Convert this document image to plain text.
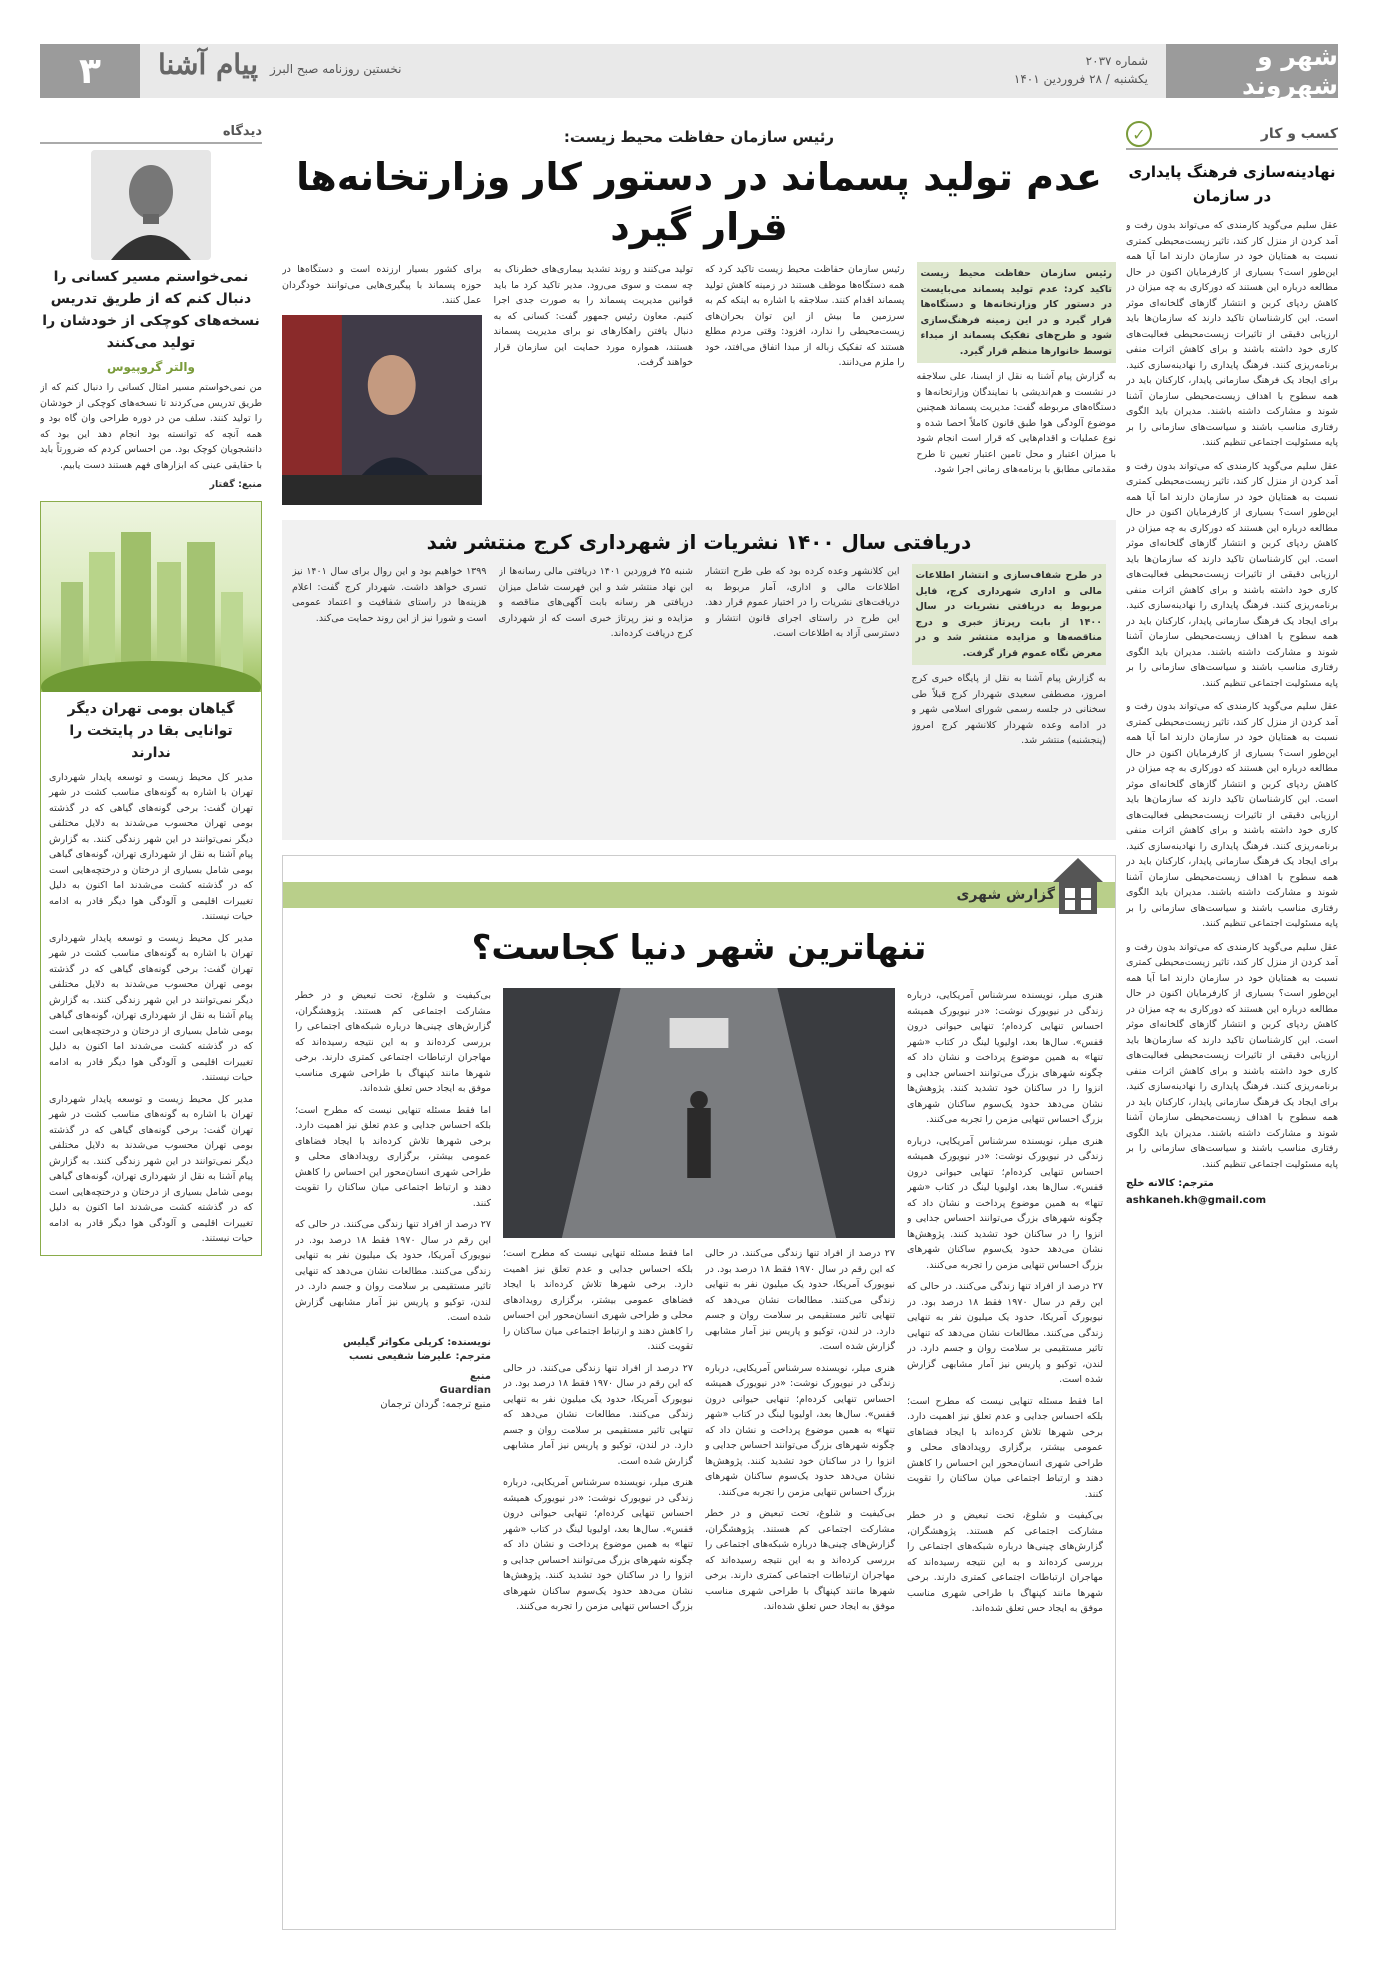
شهر و شهروند
شماره ۲۰۳۷
یکشنبه / ۲۸ فروردین ۱۴۰۱
نخستین روزنامه صبح البرز
پیام آشنا
۳
کسب و کار
✓
نهادینه‌سازی فرهنگ پایداری در سازمان
عقل سلیم می‌گوید کارمندی که می‌تواند بدون رفت و آمد کردن از منزل کار کند، تاثیر زیست‌محیطی کمتری نسبت به همتایان خود در سازمان دارند اما آیا همه این‌طور است؟ بسیاری از کارفرمایان اکنون در حال مطالعه درباره این هستند که دورکاری به چه میزان در کاهش ردپای کربن و انتشار گازهای گلخانه‌ای موثر است. این کارشناسان تاکید دارند که سازمان‌ها باید ارزیابی دقیقی از تاثیرات زیست‌محیطی فعالیت‌های کاری خود داشته باشند و برای کاهش اثرات منفی برنامه‌ریزی کنند. فرهنگ پایداری را نهادینه‌سازی کنید. برای ایجاد یک فرهنگ سازمانی پایدار، کارکنان باید در همه سطوح با اهداف زیست‌محیطی سازمان آشنا شوند و مشارکت داشته باشند. مدیران باید الگوی رفتاری مناسب باشند و سیاست‌های سازمانی را بر پایه مسئولیت اجتماعی تنظیم کنند.
عقل سلیم می‌گوید کارمندی که می‌تواند بدون رفت و آمد کردن از منزل کار کند، تاثیر زیست‌محیطی کمتری نسبت به همتایان خود در سازمان دارند اما آیا همه این‌طور است؟ بسیاری از کارفرمایان اکنون در حال مطالعه درباره این هستند که دورکاری به چه میزان در کاهش ردپای کربن و انتشار گازهای گلخانه‌ای موثر است. این کارشناسان تاکید دارند که سازمان‌ها باید ارزیابی دقیقی از تاثیرات زیست‌محیطی فعالیت‌های کاری خود داشته باشند و برای کاهش اثرات منفی برنامه‌ریزی کنند. فرهنگ پایداری را نهادینه‌سازی کنید. برای ایجاد یک فرهنگ سازمانی پایدار، کارکنان باید در همه سطوح با اهداف زیست‌محیطی سازمان آشنا شوند و مشارکت داشته باشند. مدیران باید الگوی رفتاری مناسب باشند و سیاست‌های سازمانی را بر پایه مسئولیت اجتماعی تنظیم کنند.
عقل سلیم می‌گوید کارمندی که می‌تواند بدون رفت و آمد کردن از منزل کار کند، تاثیر زیست‌محیطی کمتری نسبت به همتایان خود در سازمان دارند اما آیا همه این‌طور است؟ بسیاری از کارفرمایان اکنون در حال مطالعه درباره این هستند که دورکاری به چه میزان در کاهش ردپای کربن و انتشار گازهای گلخانه‌ای موثر است. این کارشناسان تاکید دارند که سازمان‌ها باید ارزیابی دقیقی از تاثیرات زیست‌محیطی فعالیت‌های کاری خود داشته باشند و برای کاهش اثرات منفی برنامه‌ریزی کنند. فرهنگ پایداری را نهادینه‌سازی کنید. برای ایجاد یک فرهنگ سازمانی پایدار، کارکنان باید در همه سطوح با اهداف زیست‌محیطی سازمان آشنا شوند و مشارکت داشته باشند. مدیران باید الگوی رفتاری مناسب باشند و سیاست‌های سازمانی را بر پایه مسئولیت اجتماعی تنظیم کنند.
عقل سلیم می‌گوید کارمندی که می‌تواند بدون رفت و آمد کردن از منزل کار کند، تاثیر زیست‌محیطی کمتری نسبت به همتایان خود در سازمان دارند اما آیا همه این‌طور است؟ بسیاری از کارفرمایان اکنون در حال مطالعه درباره این هستند که دورکاری به چه میزان در کاهش ردپای کربن و انتشار گازهای گلخانه‌ای موثر است. این کارشناسان تاکید دارند که سازمان‌ها باید ارزیابی دقیقی از تاثیرات زیست‌محیطی فعالیت‌های کاری خود داشته باشند و برای کاهش اثرات منفی برنامه‌ریزی کنند. فرهنگ پایداری را نهادینه‌سازی کنید. برای ایجاد یک فرهنگ سازمانی پایدار، کارکنان باید در همه سطوح با اهداف زیست‌محیطی سازمان آشنا شوند و مشارکت داشته باشند. مدیران باید الگوی رفتاری مناسب باشند و سیاست‌های سازمانی را بر پایه مسئولیت اجتماعی تنظیم کنند.
مترجم: کالانه خلج
ashkaneh.kh@gmail.com
دیدگاه
نمی‌خواستم مسیر کسانی را دنبال کنم که از طریق تدریس نسخه‌های کوچکی از خودشان را تولید می‌کنند
والتر گروپیوس
من نمی‌خواستم مسیر امثال کسانی را دنبال کنم که از طریق تدریس می‌کردند تا نسخه‌های کوچکی از خودشان را تولید کنند. سلف من در دوره طراحی وان گاه بود و همه آنچه که توانسته بود انجام دهد این بود که دانشجویان کوچک بود. من احساس کردم که ضرورتاً باید با حقایقی عینی که ابزارهای فهم هستند دست یابیم.
منبع: گفتار
گیاهان بومی تهران دیگر توانایی بقا در پایتخت را ندارند
مدیر کل محیط زیست و توسعه پایدار شهرداری تهران با اشاره به گونه‌های مناسب کشت در شهر تهران گفت: برخی گونه‌های گیاهی که در گذشته بومی تهران محسوب می‌شدند به دلایل مختلفی دیگر نمی‌توانند در این شهر زندگی کنند. به گزارش پیام آشنا به نقل از شهرداری تهران، گونه‌های گیاهی بومی شامل بسیاری از درختان و درختچه‌هایی است که در گذشته کشت می‌شدند اما اکنون به دلیل تغییرات اقلیمی و آلودگی هوا دیگر قادر به ادامه حیات نیستند.
مدیر کل محیط زیست و توسعه پایدار شهرداری تهران با اشاره به گونه‌های مناسب کشت در شهر تهران گفت: برخی گونه‌های گیاهی که در گذشته بومی تهران محسوب می‌شدند به دلایل مختلفی دیگر نمی‌توانند در این شهر زندگی کنند. به گزارش پیام آشنا به نقل از شهرداری تهران، گونه‌های گیاهی بومی شامل بسیاری از درختان و درختچه‌هایی است که در گذشته کشت می‌شدند اما اکنون به دلیل تغییرات اقلیمی و آلودگی هوا دیگر قادر به ادامه حیات نیستند.
مدیر کل محیط زیست و توسعه پایدار شهرداری تهران با اشاره به گونه‌های مناسب کشت در شهر تهران گفت: برخی گونه‌های گیاهی که در گذشته بومی تهران محسوب می‌شدند به دلایل مختلفی دیگر نمی‌توانند در این شهر زندگی کنند. به گزارش پیام آشنا به نقل از شهرداری تهران، گونه‌های گیاهی بومی شامل بسیاری از درختان و درختچه‌هایی است که در گذشته کشت می‌شدند اما اکنون به دلیل تغییرات اقلیمی و آلودگی هوا دیگر قادر به ادامه حیات نیستند.
رئیس سازمان حفاظت محیط زیست:
عدم تولید پسماند در دستور کار وزارتخانه‌ها قرار گیرد
رئیس سازمان حفاظت محیط زیست تاکید کرد: عدم تولید پسماند می‌بایست در دستور کار وزارتخانه‌ها و دستگاه‌ها قرار گیرد و در این زمینه فرهنگ‌سازی شود و طرح‌های تفکیک پسماند از مبداء توسط خانوارها منظم قرار گیرد.
به گزارش پیام آشنا به نقل از ایسنا، علی سلاجقه در نشست و هم‌اندیشی با نمایندگان وزارتخانه‌ها و دستگاه‌های مربوطه گفت: مدیریت پسماند همچنین موضوع آلودگی هوا طبق قانون کاملاً احصا شده و نوع عملیات و اقدام‌هایی که قرار است انجام شود با میزان اعتبار و محل تامین اعتبار تعیین تا طرح مقدماتی مطابق با برنامه‌های زمانی اجرا شود.
رئیس سازمان حفاظت محیط زیست تاکید کرد که همه دستگاه‌ها موظف هستند در زمینه کاهش تولید پسماند اقدام کنند. سلاجقه با اشاره به اینکه کم به سرزمین ما بیش از این توان بحران‌های زیست‌محیطی را ندارد، افزود: وقتی مردم مطلع هستند که تفکیک زباله از مبدا اتفاق می‌افتد، خود را ملزم می‌دانند.
تولید می‌کنند و روند تشدید بیماری‌های خطرناک به چه سمت و سوی می‌رود. مدیر تاکید کرد ما باید قوانین مدیریت پسماند را به صورت جدی اجرا کنیم. معاون رئیس جمهور گفت: کسانی که به دنبال یافتن راهکارهای نو برای مدیریت پسماند هستند، همواره مورد حمایت این سازمان قرار خواهند گرفت.
برای کشور بسیار ارزنده است و دستگاه‌ها در حوزه پسماند با پیگیری‌هایی می‌توانند خودگردان عمل کنند.
دریافتی سال ۱۴۰۰ نشریات از شهرداری کرج منتشر شد
در طرح شفاف‌سازی و انتشار اطلاعات مالی و اداری شهرداری کرج، فایل مربوط به دریافتی نشریات در سال ۱۴۰۰ از بابت رپرتاژ خبری و درج مناقصه‌ها و مزایده منتشر شد و در معرض نگاه عموم قرار گرفت.
به گزارش پیام آشنا به نقل از پایگاه خبری کرج امروز، مصطفی سعیدی شهردار کرج قبلاً طی سخنانی در جلسه رسمی شورای اسلامی شهر و در ادامه وعده شهردار کلانشهر کرج امروز (پنجشنبه) منتشر شد.
این کلانشهر وعده کرده بود که طی طرح انتشار اطلاعات مالی و اداری، آمار مربوط به دریافت‌های نشریات را در اختیار عموم قرار دهد. این طرح در راستای اجرای قانون انتشار و دسترسی آزاد به اطلاعات است.
شنبه ۲۵ فروردین ۱۴۰۱ دریافتی مالی رسانه‌ها از این نهاد منتشر شد و این فهرست شامل میزان دریافتی هر رسانه بابت آگهی‌های مناقصه و مزایده و نیز رپرتاژ خبری است که از شهرداری کرج دریافت کرده‌اند.
۱۳۹۹ خواهیم بود و این روال برای سال ۱۴۰۱ نیز تسری خواهد داشت. شهردار کرج گفت: اعلام هزینه‌ها در راستای شفافیت و اعتماد عمومی است و شورا نیز از این روند حمایت می‌کند.
گزارش شهری
تنهاترین شهر دنیا کجاست؟
هنری میلر، نویسنده سرشناس آمریکایی، درباره زندگی در نیویورک نوشت: «در نیویورک همیشه احساس تنهایی کرده‌ام؛ تنهایی حیوانی درون قفس». سال‌ها بعد، اولیویا لینگ در کتاب «شهر تنها» به همین موضوع پرداخت و نشان داد که چگونه شهرهای بزرگ می‌توانند احساس جدایی و انزوا را در ساکنان خود تشدید کنند. پژوهش‌ها نشان می‌دهد حدود یک‌سوم ساکنان شهرهای بزرگ احساس تنهایی مزمن را تجربه می‌کنند.
هنری میلر، نویسنده سرشناس آمریکایی، درباره زندگی در نیویورک نوشت: «در نیویورک همیشه احساس تنهایی کرده‌ام؛ تنهایی حیوانی درون قفس». سال‌ها بعد، اولیویا لینگ در کتاب «شهر تنها» به همین موضوع پرداخت و نشان داد که چگونه شهرهای بزرگ می‌توانند احساس جدایی و انزوا را در ساکنان خود تشدید کنند. پژوهش‌ها نشان می‌دهد حدود یک‌سوم ساکنان شهرهای بزرگ احساس تنهایی مزمن را تجربه می‌کنند.
۲۷ درصد از افراد تنها زندگی می‌کنند. در حالی که این رقم در سال ۱۹۷۰ فقط ۱۸ درصد بود. در نیویورک آمریکا، حدود یک میلیون نفر به تنهایی زندگی می‌کنند. مطالعات نشان می‌دهد که تنهایی تاثیر مستقیمی بر سلامت روان و جسم دارد. در لندن، توکیو و پاریس نیز آمار مشابهی گزارش شده است.
اما فقط مسئله تنهایی نیست که مطرح است؛ بلکه احساس جدایی و عدم تعلق نیز اهمیت دارد. برخی شهرها تلاش کرده‌اند با ایجاد فضاهای عمومی بیشتر، برگزاری رویدادهای محلی و طراحی شهری انسان‌محور این احساس را کاهش دهند و ارتباط اجتماعی میان ساکنان را تقویت کنند.
بی‌کیفیت و شلوغ، تحت تبعیض و در خطر مشارکت اجتماعی کم هستند. پژوهشگران، گزارش‌های چینی‌ها درباره شبکه‌های اجتماعی را بررسی کرده‌اند و به این نتیجه رسیده‌اند که مهاجران ارتباطات اجتماعی کمتری دارند. برخی شهرها مانند کپنهاگ با طراحی شهری مناسب موفق به ایجاد حس تعلق شده‌اند.
۲۷ درصد از افراد تنها زندگی می‌کنند. در حالی که این رقم در سال ۱۹۷۰ فقط ۱۸ درصد بود. در نیویورک آمریکا، حدود یک میلیون نفر به تنهایی زندگی می‌کنند. مطالعات نشان می‌دهد که تنهایی تاثیر مستقیمی بر سلامت روان و جسم دارد. در لندن، توکیو و پاریس نیز آمار مشابهی گزارش شده است.
هنری میلر، نویسنده سرشناس آمریکایی، درباره زندگی در نیویورک نوشت: «در نیویورک همیشه احساس تنهایی کرده‌ام؛ تنهایی حیوانی درون قفس». سال‌ها بعد، اولیویا لینگ در کتاب «شهر تنها» به همین موضوع پرداخت و نشان داد که چگونه شهرهای بزرگ می‌توانند احساس جدایی و انزوا را در ساکنان خود تشدید کنند. پژوهش‌ها نشان می‌دهد حدود یک‌سوم ساکنان شهرهای بزرگ احساس تنهایی مزمن را تجربه می‌کنند.
بی‌کیفیت و شلوغ، تحت تبعیض و در خطر مشارکت اجتماعی کم هستند. پژوهشگران، گزارش‌های چینی‌ها درباره شبکه‌های اجتماعی را بررسی کرده‌اند و به این نتیجه رسیده‌اند که مهاجران ارتباطات اجتماعی کمتری دارند. برخی شهرها مانند کپنهاگ با طراحی شهری مناسب موفق به ایجاد حس تعلق شده‌اند.
اما فقط مسئله تنهایی نیست که مطرح است؛ بلکه احساس جدایی و عدم تعلق نیز اهمیت دارد. برخی شهرها تلاش کرده‌اند با ایجاد فضاهای عمومی بیشتر، برگزاری رویدادهای محلی و طراحی شهری انسان‌محور این احساس را کاهش دهند و ارتباط اجتماعی میان ساکنان را تقویت کنند.
۲۷ درصد از افراد تنها زندگی می‌کنند. در حالی که این رقم در سال ۱۹۷۰ فقط ۱۸ درصد بود. در نیویورک آمریکا، حدود یک میلیون نفر به تنهایی زندگی می‌کنند. مطالعات نشان می‌دهد که تنهایی تاثیر مستقیمی بر سلامت روان و جسم دارد. در لندن، توکیو و پاریس نیز آمار مشابهی گزارش شده است.
هنری میلر، نویسنده سرشناس آمریکایی، درباره زندگی در نیویورک نوشت: «در نیویورک همیشه احساس تنهایی کرده‌ام؛ تنهایی حیوانی درون قفس». سال‌ها بعد، اولیویا لینگ در کتاب «شهر تنها» به همین موضوع پرداخت و نشان داد که چگونه شهرهای بزرگ می‌توانند احساس جدایی و انزوا را در ساکنان خود تشدید کنند. پژوهش‌ها نشان می‌دهد حدود یک‌سوم ساکنان شهرهای بزرگ احساس تنهایی مزمن را تجربه می‌کنند.
بی‌کیفیت و شلوغ، تحت تبعیض و در خطر مشارکت اجتماعی کم هستند. پژوهشگران، گزارش‌های چینی‌ها درباره شبکه‌های اجتماعی را بررسی کرده‌اند و به این نتیجه رسیده‌اند که مهاجران ارتباطات اجتماعی کمتری دارند. برخی شهرها مانند کپنهاگ با طراحی شهری مناسب موفق به ایجاد حس تعلق شده‌اند.
اما فقط مسئله تنهایی نیست که مطرح است؛ بلکه احساس جدایی و عدم تعلق نیز اهمیت دارد. برخی شهرها تلاش کرده‌اند با ایجاد فضاهای عمومی بیشتر، برگزاری رویدادهای محلی و طراحی شهری انسان‌محور این احساس را کاهش دهند و ارتباط اجتماعی میان ساکنان را تقویت کنند.
۲۷ درصد از افراد تنها زندگی می‌کنند. در حالی که این رقم در سال ۱۹۷۰ فقط ۱۸ درصد بود. در نیویورک آمریکا، حدود یک میلیون نفر به تنهایی زندگی می‌کنند. مطالعات نشان می‌دهد که تنهایی تاثیر مستقیمی بر سلامت روان و جسم دارد. در لندن، توکیو و پاریس نیز آمار مشابهی گزارش شده است.
نویسنده: کریلی مکواتر گیلیس
مترجم: علیرضا شفیعی نسب
منبع
Guardian
منبع ترجمه: گردان ترجمان
